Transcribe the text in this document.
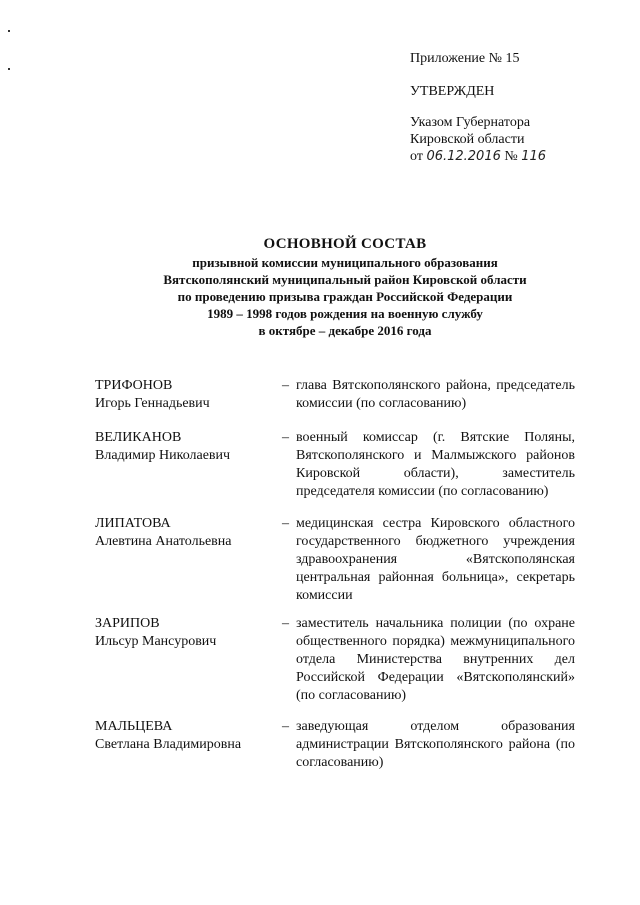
Приложение № 15
УТВЕРЖДЕН
Указом Губернатора
Кировской области
от 06.12.2016 № 116
ОСНОВНОЙ СОСТАВ
призывной комиссии муниципального образования
Вятскополянский муниципальный район Кировской области
по проведению призыва граждан Российской Федерации
1989 – 1998 годов рождения на военную службу
в октябре – декабре 2016 года
ТРИФОНОВ
Игорь Геннадьевич
– глава Вятскополянского района, председатель комиссии (по согласованию)
ВЕЛИКАНОВ
Владимир Николаевич
– военный комиссар (г. Вятские Поляны, Вятскополянского и Малмыжского районов Кировской области), заместитель председателя комиссии (по согласованию)
ЛИПАТОВА
Алевтина Анатольевна
– медицинская сестра Кировского областного государственного бюджетного учреждения здравоохранения «Вятскополянская центральная районная больница», секретарь комиссии
ЗАРИПОВ
Ильсур Мансурович
– заместитель начальника полиции (по охране общественного порядка) межмуниципального отдела Министерства внутренних дел Российской Федерации «Вятскополянский» (по согласованию)
МАЛЬЦЕВА
Светлана Владимировна
– заведующая отделом образования администрации Вятскополянского района (по согласованию)
